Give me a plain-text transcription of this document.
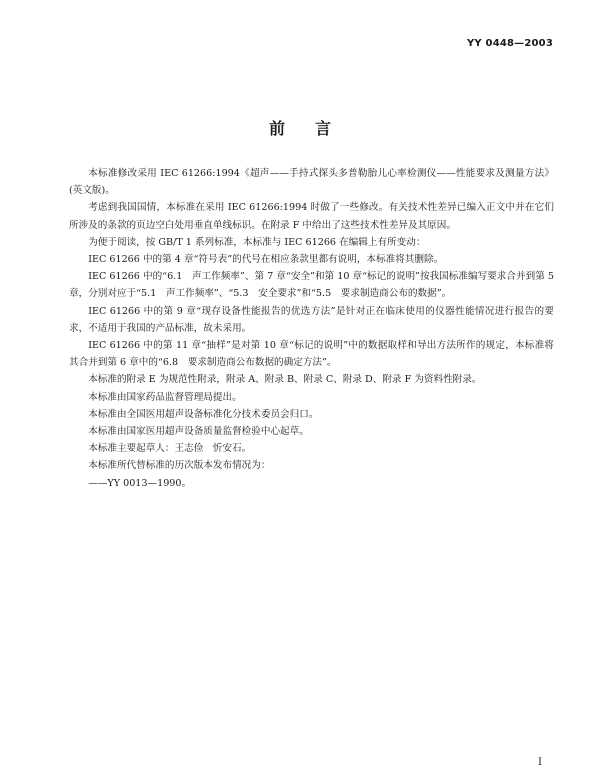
YY 0448—2003
前言

本标准修改采用 IEC 61266:1994《超声——手持式探头多普勒胎儿心率检测仪——性能要求及测量方法》(英文版)。

考虑到我国国情，本标准在采用 IEC 61266:1994 时做了一些修改。有关技术性差异已编入正文中并在它们所涉及的条款的页边空白处用垂直单线标识。在附录 F 中给出了这些技术性差异及其原因。

为便于阅读，按 GB/T 1 系列标准，本标准与 IEC 61266 在编辑上有所变动：

IEC 61266 中的第 4 章“符号表”的代号在相应条款里都有说明，本标准将其删除。

IEC 61266 中的“6.1　声工作频率”、第 7 章“安全”和第 10 章“标记的说明”按我国标准编写要求合并到第 5 章，分别对应于“5.1　声工作频率”、“5.3　安全要求”和“5.5　要求制造商公布的数据”。

IEC 61266 中的第 9 章“现存设备性能报告的优选方法”是针对正在临床使用的仪器性能情况进行报告的要求，不适用于我国的产品标准，故未采用。

IEC 61266 中的第 11 章“抽样”是对第 10 章“标记的说明”中的数据取样和导出方法所作的规定，本标准将其合并到第 6 章中的“6.8　要求制造商公布数据的确定方法”。

本标准的附录 E 为规范性附录，附录 A、附录 B、附录 C、附录 D、附录 F 为资料性附录。

本标准由国家药品监督管理局提出。

本标准由全国医用超声设备标准化分技术委员会归口。

本标准由国家医用超声设备质量监督检验中心起草。

本标准主要起草人：王志俭　忻安石。

本标准所代替标准的历次版本发布情况为：

——YY 0013—1990。

I
